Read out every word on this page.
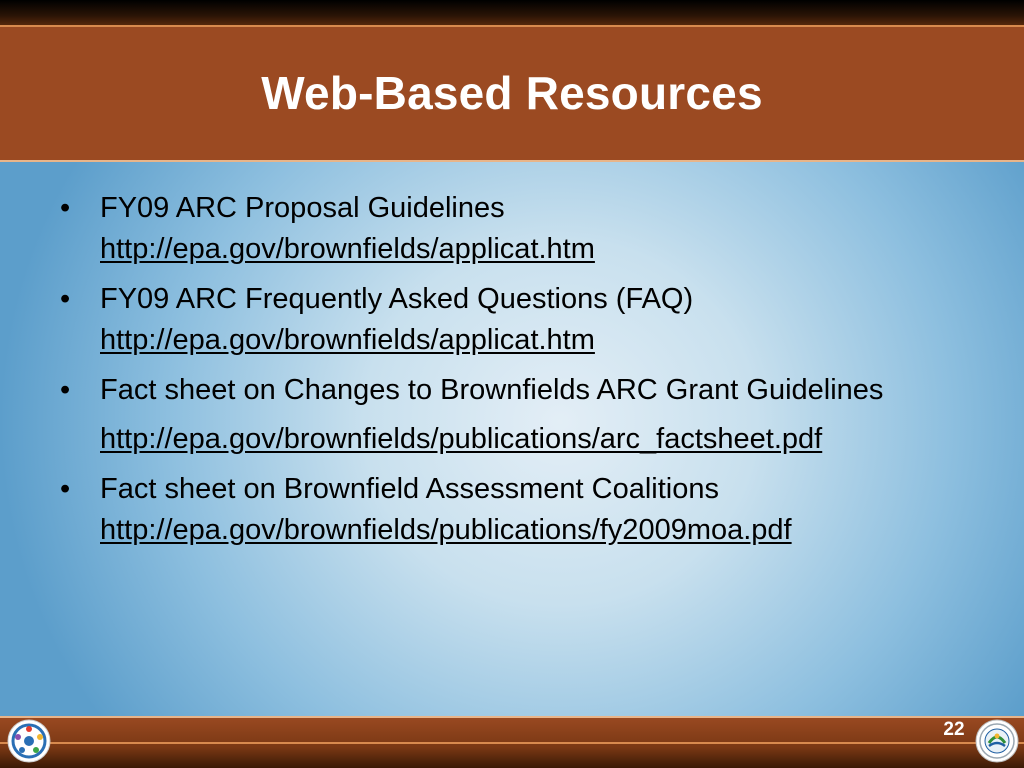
Web-Based Resources
• FY09 ARC Proposal Guidelines
http://epa.gov/brownfields/applicat.htm
• FY09 ARC Frequently Asked Questions (FAQ)
http://epa.gov/brownfields/applicat.htm
• Fact sheet on Changes to Brownfields ARC Grant Guidelines
http://epa.gov/brownfields/publications/arc_factsheet.pdf
• Fact sheet on Brownfield Assessment Coalitions
http://epa.gov/brownfields/publications/fy2009moa.pdf
22
